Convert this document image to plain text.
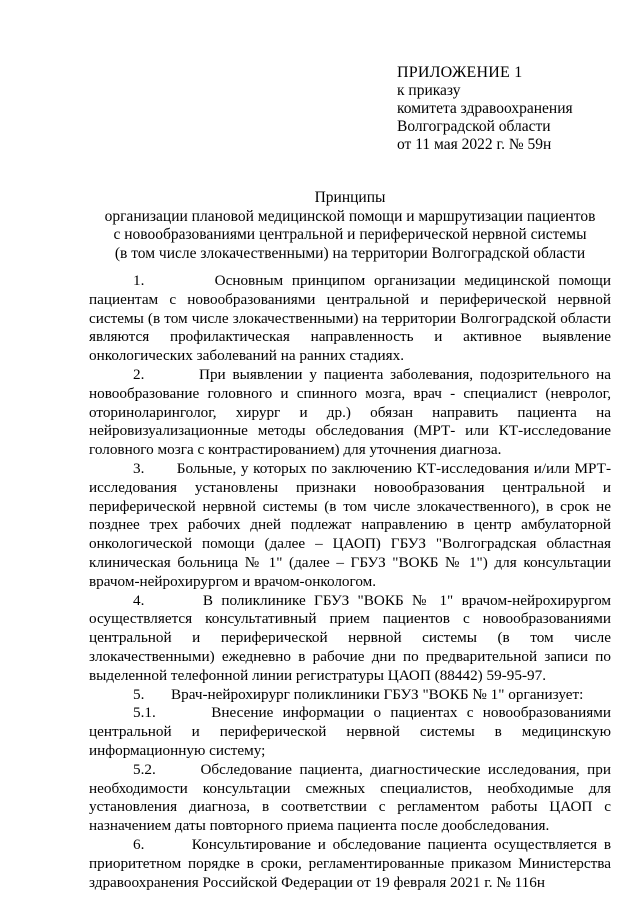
ПРИЛОЖЕНИЕ 1
к приказу
комитета здравоохранения
Волгоградской области
от 11 мая 2022 г. № 59н
Принципы
организации плановой медицинской помощи и маршрутизации пациентов
с новообразованиями центральной и периферической нервной системы
(в том числе злокачественными) на территории Волгоградской области
1.	Основным принципом организации медицинской помощи пациентам с новообразованиями центральной и периферической нервной системы (в том числе злокачественными) на территории Волгоградской области являются профилактическая направленность и активное выявление онкологических заболеваний на ранних стадиях.
2.	При выявлении у пациента заболевания, подозрительного на новообразование головного и спинного мозга, врач - специалист (невролог, оториноларинголог, хирург и др.) обязан направить пациента на нейровизуализационные методы обследования (МРТ- или КТ-исследование головного мозга с контрастированием) для уточнения диагноза.
3. Больные, у которых по заключению КТ-исследования и/или МРТ-исследования установлены признаки новообразования центральной и периферической нервной системы (в том числе злокачественного), в срок не позднее трех рабочих дней подлежат направлению в центр амбулаторной онкологической помощи (далее – ЦАОП) ГБУЗ "Волгоградская областная клиническая больница № 1" (далее – ГБУЗ "ВОКБ № 1") для консультации врачом-нейрохирургом и врачом-онкологом.
4.	В поликлинике ГБУЗ "ВОКБ № 1" врачом-нейрохирургом осуществляется консультативный прием пациентов с новообразованиями центральной и периферической нервной системы (в том числе злокачественными) ежедневно в рабочие дни по предварительной записи по выделенной телефонной линии регистратуры ЦАОП (88442) 59-95-97.
5. Врач-нейрохирург поликлиники ГБУЗ "ВОКБ № 1" организует:
5.1.	Внесение информации о пациентах с новообразованиями центральной и периферической нервной системы в медицинскую информационную систему;
5.2.	Обследование пациента, диагностические исследования, при необходимости консультации смежных специалистов, необходимые для установления диагноза, в соответствии с регламентом работы ЦАОП с назначением даты повторного приема пациента после дообследования.
6.	Консультирование и обследование пациента осуществляется в приоритетном порядке в сроки, регламентированные приказом Министерства здравоохранения Российской Федерации от 19 февраля 2021 г. № 116н
